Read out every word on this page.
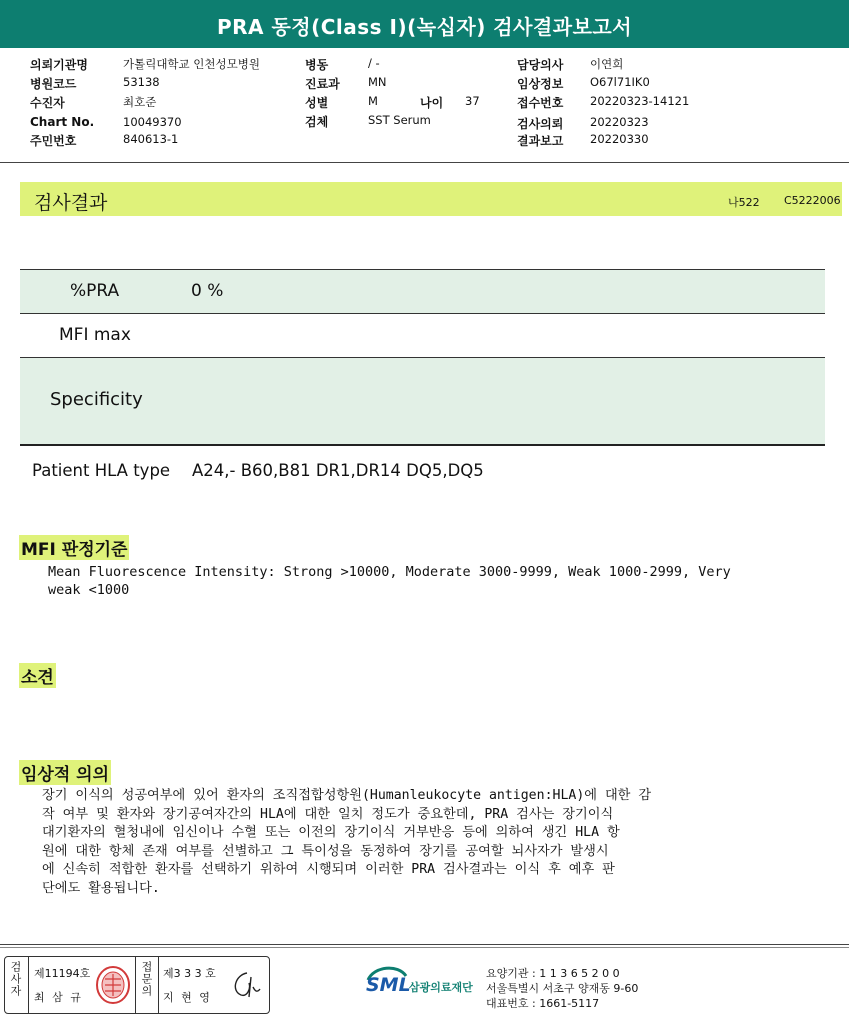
PRA 동정(Class I)(녹십자) 검사결과보고서
의뢰기관명	가톨릭대학교 인천성모병원
병원코드	53138
수진자	최호준
Chart No.	10049370
주민번호	840613-1
병동	/ -
진료과 MN
성별	M	나이 37
검체	SST Serum
담당의사 이연희
임상정보 O67l71IK0
접수번호 20220323-14121
검사의뢰 20220323
결과보고 20220330
검사결과	나522 C5222006
%PRA	0 %
MFI max
Specificity
Patient HLA type A24,- B60,B81 DR1,DR14 DQ5,DQ5
MFI 판정기준
Mean Fluorescence Intensity: Strong >10000, Moderate 3000-9999, Weak 1000-2999, Very
weak <1000
소견
임상적 의의
장기 이식의 성공여부에 있어 환자의 조직접합성항원(Humanleukocyte antigen:HLA)에 대한 감
작 여부 및 환자와 장기공여자간의 HLA에 대한 일치 정도가 중요한데, PRA 검사는 장기이식
대기환자의 혈청내에 임신이나 수혈 또는 이전의 장기이식 거부반응 등에 의하여 생긴 HLA 항
원에 대한 항체 존재 여부를 선별하고 그 특이성을 동정하여 장기를 공여할 뇌사자가 발생시
에 신속히 적합한 환자를 선택하기 위하여 시행되며 이러한 PRA 검사결과는 이식 후 예후 판
단에도 활용됩니다.
검사자 제11194호
최 삼 규
접문의 제3 3 3 호
지 현 영
SML
삼광의료재단
요양기관 : 1 1 3 6 5 2 0 0
서울특별시 서초구 양재동 9-60
대표번호 : 1661-5117
